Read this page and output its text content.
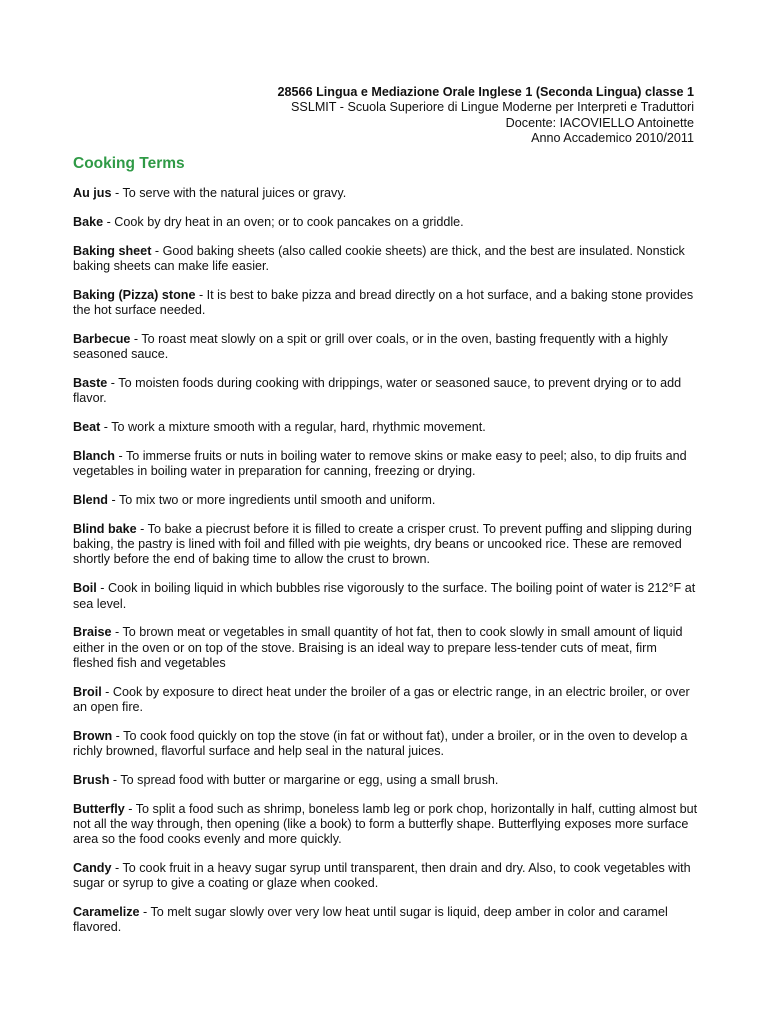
28566 Lingua e Mediazione Orale Inglese 1 (Seconda Lingua) classe 1
SSLMIT - Scuola Superiore di Lingue Moderne per Interpreti e Traduttori
Docente: IACOVIELLO Antoinette
Anno Accademico 2010/2011
Cooking Terms

Au jus - To serve with the natural juices or gravy.

Bake - Cook by dry heat in an oven; or to cook pancakes on a griddle.

Baking sheet - Good baking sheets (also called cookie sheets) are thick, and the best are insulated. Nonstick baking sheets can make life easier.

Baking (Pizza) stone - It is best to bake pizza and bread directly on a hot surface, and a baking stone provides the hot surface needed.

Barbecue - To roast meat slowly on a spit or grill over coals, or in the oven, basting frequently with a highly seasoned sauce.

Baste - To moisten foods during cooking with drippings, water or seasoned sauce, to prevent drying or to add flavor.

Beat - To work a mixture smooth with a regular, hard, rhythmic movement.

Blanch - To immerse fruits or nuts in boiling water to remove skins or make easy to peel; also, to dip fruits and vegetables in boiling water in preparation for canning, freezing or drying.

Blend - To mix two or more ingredients until smooth and uniform.

Blind bake - To bake a piecrust before it is filled to create a crisper crust. To prevent puffing and slipping during baking, the pastry is lined with foil and filled with pie weights, dry beans or uncooked rice. These are removed shortly before the end of baking time to allow the crust to brown.

Boil - Cook in boiling liquid in which bubbles rise vigorously to the surface. The boiling point of water is 212°F at sea level.

Braise - To brown meat or vegetables in small quantity of hot fat, then to cook slowly in small amount of liquid either in the oven or on top of the stove. Braising is an ideal way to prepare less-tender cuts of meat, firm fleshed fish and vegetables

Broil - Cook by exposure to direct heat under the broiler of a gas or electric range, in an electric broiler, or over an open fire.

Brown - To cook food quickly on top the stove (in fat or without fat), under a broiler, or in the oven to develop a richly browned, flavorful surface and help seal in the natural juices.

Brush - To spread food with butter or margarine or egg, using a small brush.

Butterfly - To split a food such as shrimp, boneless lamb leg or pork chop, horizontally in half, cutting almost but not all the way through, then opening (like a book) to form a butterfly shape. Butterflying exposes more surface area so the food cooks evenly and more quickly.

Candy - To cook fruit in a heavy sugar syrup until transparent, then drain and dry. Also, to cook vegetables with sugar or syrup to give a coating or glaze when cooked.

Caramelize - To melt sugar slowly over very low heat until sugar is liquid, deep amber in color and caramel flavored.
